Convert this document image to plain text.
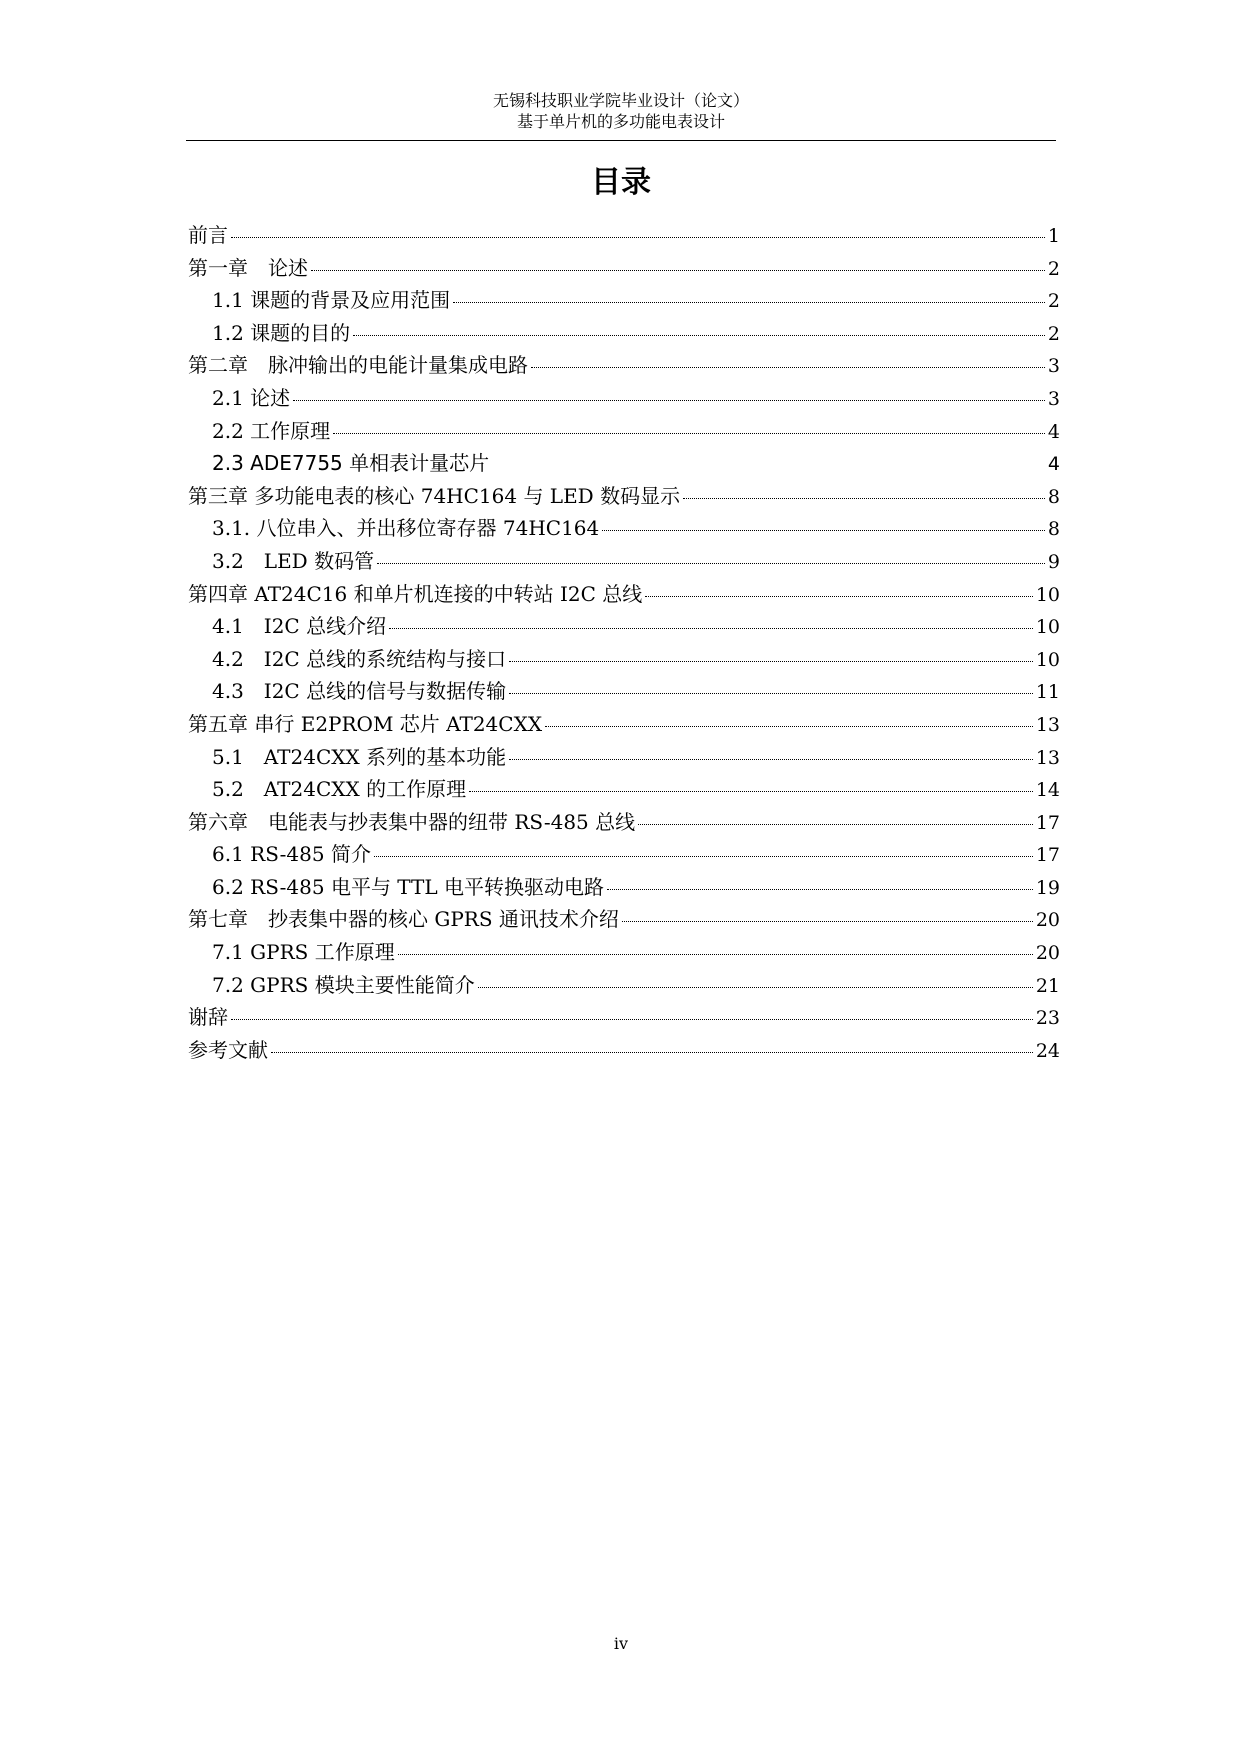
无锡科技职业学院毕业设计（论文）
基于单片机的多功能电表设计
目录
前言	1
第一章　论述	2
1.1 课题的背景及应用范围	2
1.2 课题的目的	2
第二章　脉冲输出的电能计量集成电路	3
2.1 论述	3
2.2 工作原理	4
2.3 ADE7755 单相表计量芯片	4
第三章 多功能电表的核心 74HC164 与 LED 数码显示	8
3.1. 八位串入、并出移位寄存器 74HC164	8
3.2　LED 数码管	9
第四章 AT24C16 和单片机连接的中转站 I2C 总线	10
4.1　I2C 总线介绍	10
4.2　I2C 总线的系统结构与接口	10
4.3　I2C 总线的信号与数据传输	11
第五章 串行 E2PROM 芯片 AT24CXX	13
5.1　AT24CXX 系列的基本功能	13
5.2　AT24CXX 的工作原理	14
第六章　电能表与抄表集中器的纽带 RS-485 总线	17
6.1 RS-485 简介	17
6.2 RS-485 电平与 TTL 电平转换驱动电路	19
第七章　抄表集中器的核心 GPRS 通讯技术介绍	20
7.1 GPRS 工作原理	20
7.2 GPRS 模块主要性能简介	21
谢辞	23
参考文献	24
iv
